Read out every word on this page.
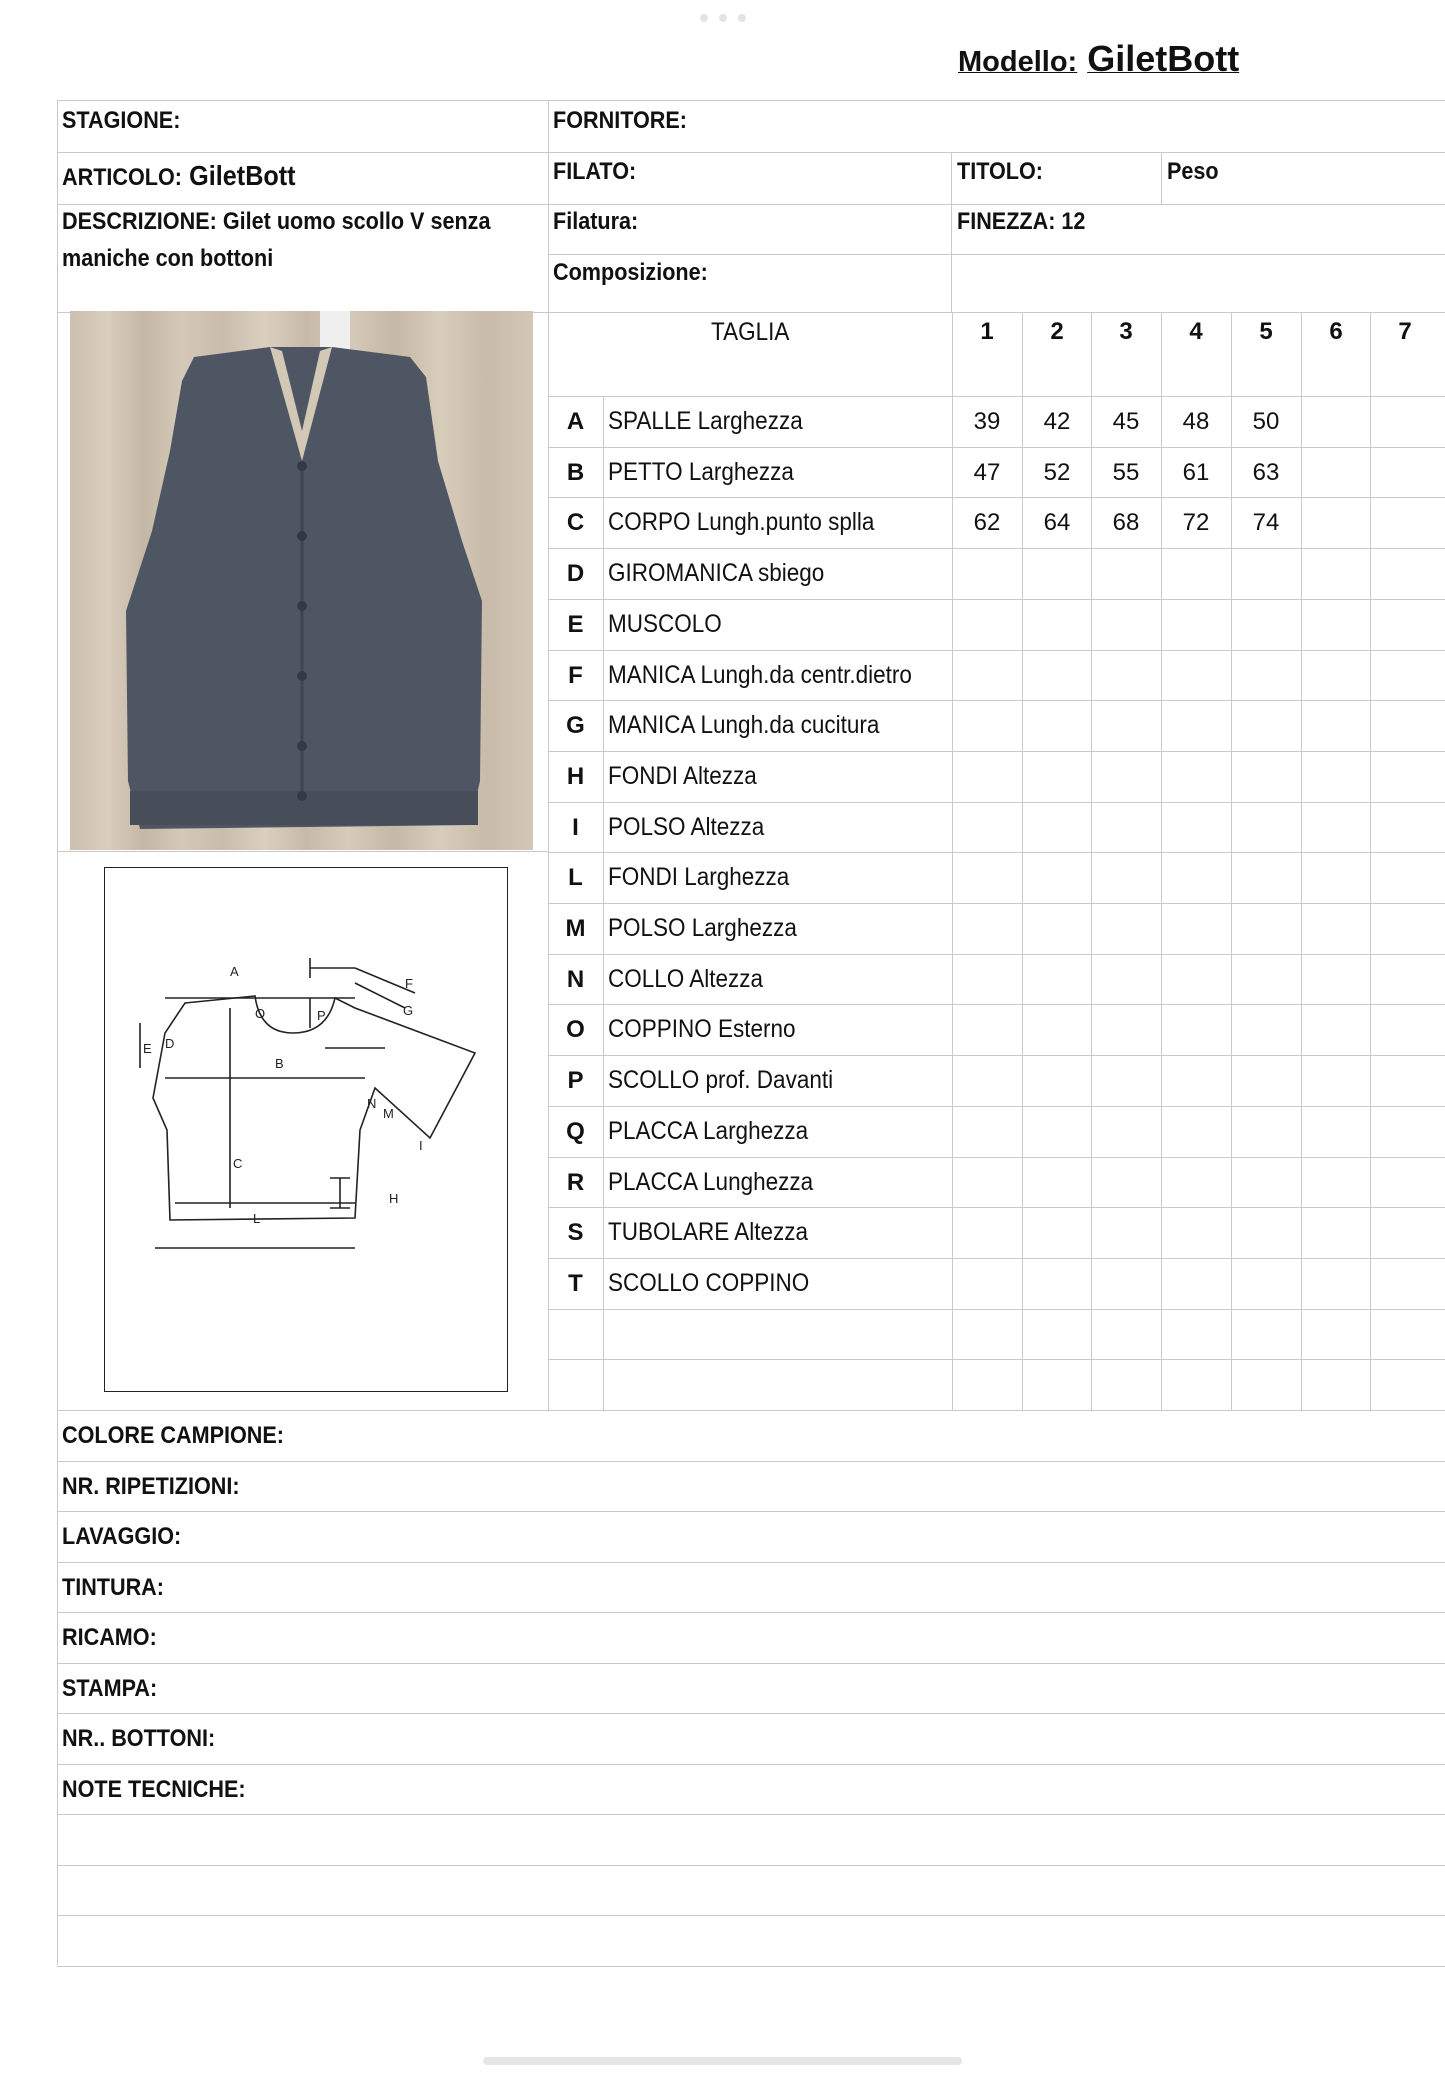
Modello: GiletBott
STAGIONE:	FORNITORE:
ARTICOLO: GiletBott	FILATO:	TITOLO:	Peso
DESCRIZIONE: Gilet uomo scollo V senza
maniche con bottoni
Filatura:	FINEZZA: 12
Composizione:
A
O	P
F
G
E D
B
C
H
L
M
N
I
TAGLIA	1	2	3	4	5	6	7
A SPALLE Larghezza	39	42	45	48	50
B PETTO Larghezza	47	52	55	61	63
C CORPO Lungh.punto splla	62	64	68	72	74
D GIROMANICA sbiego
E MUSCOLO
F	MANICA Lungh.da centr.dietro
G MANICA Lungh.da cucitura
H FONDI Altezza
I	POLSO Altezza
L	FONDI Larghezza
M POLSO Larghezza
N COLLO Altezza
O COPPINO Esterno
P SCOLLO prof. Davanti
Q PLACCA Larghezza
R PLACCA Lunghezza
S TUBOLARE Altezza
T	SCOLLO COPPINO
COLORE CAMPIONE:
NR. RIPETIZIONI:
LAVAGGIO:
TINTURA:
RICAMO:
STAMPA:
NR.. BOTTONI:
NOTE TECNICHE:
